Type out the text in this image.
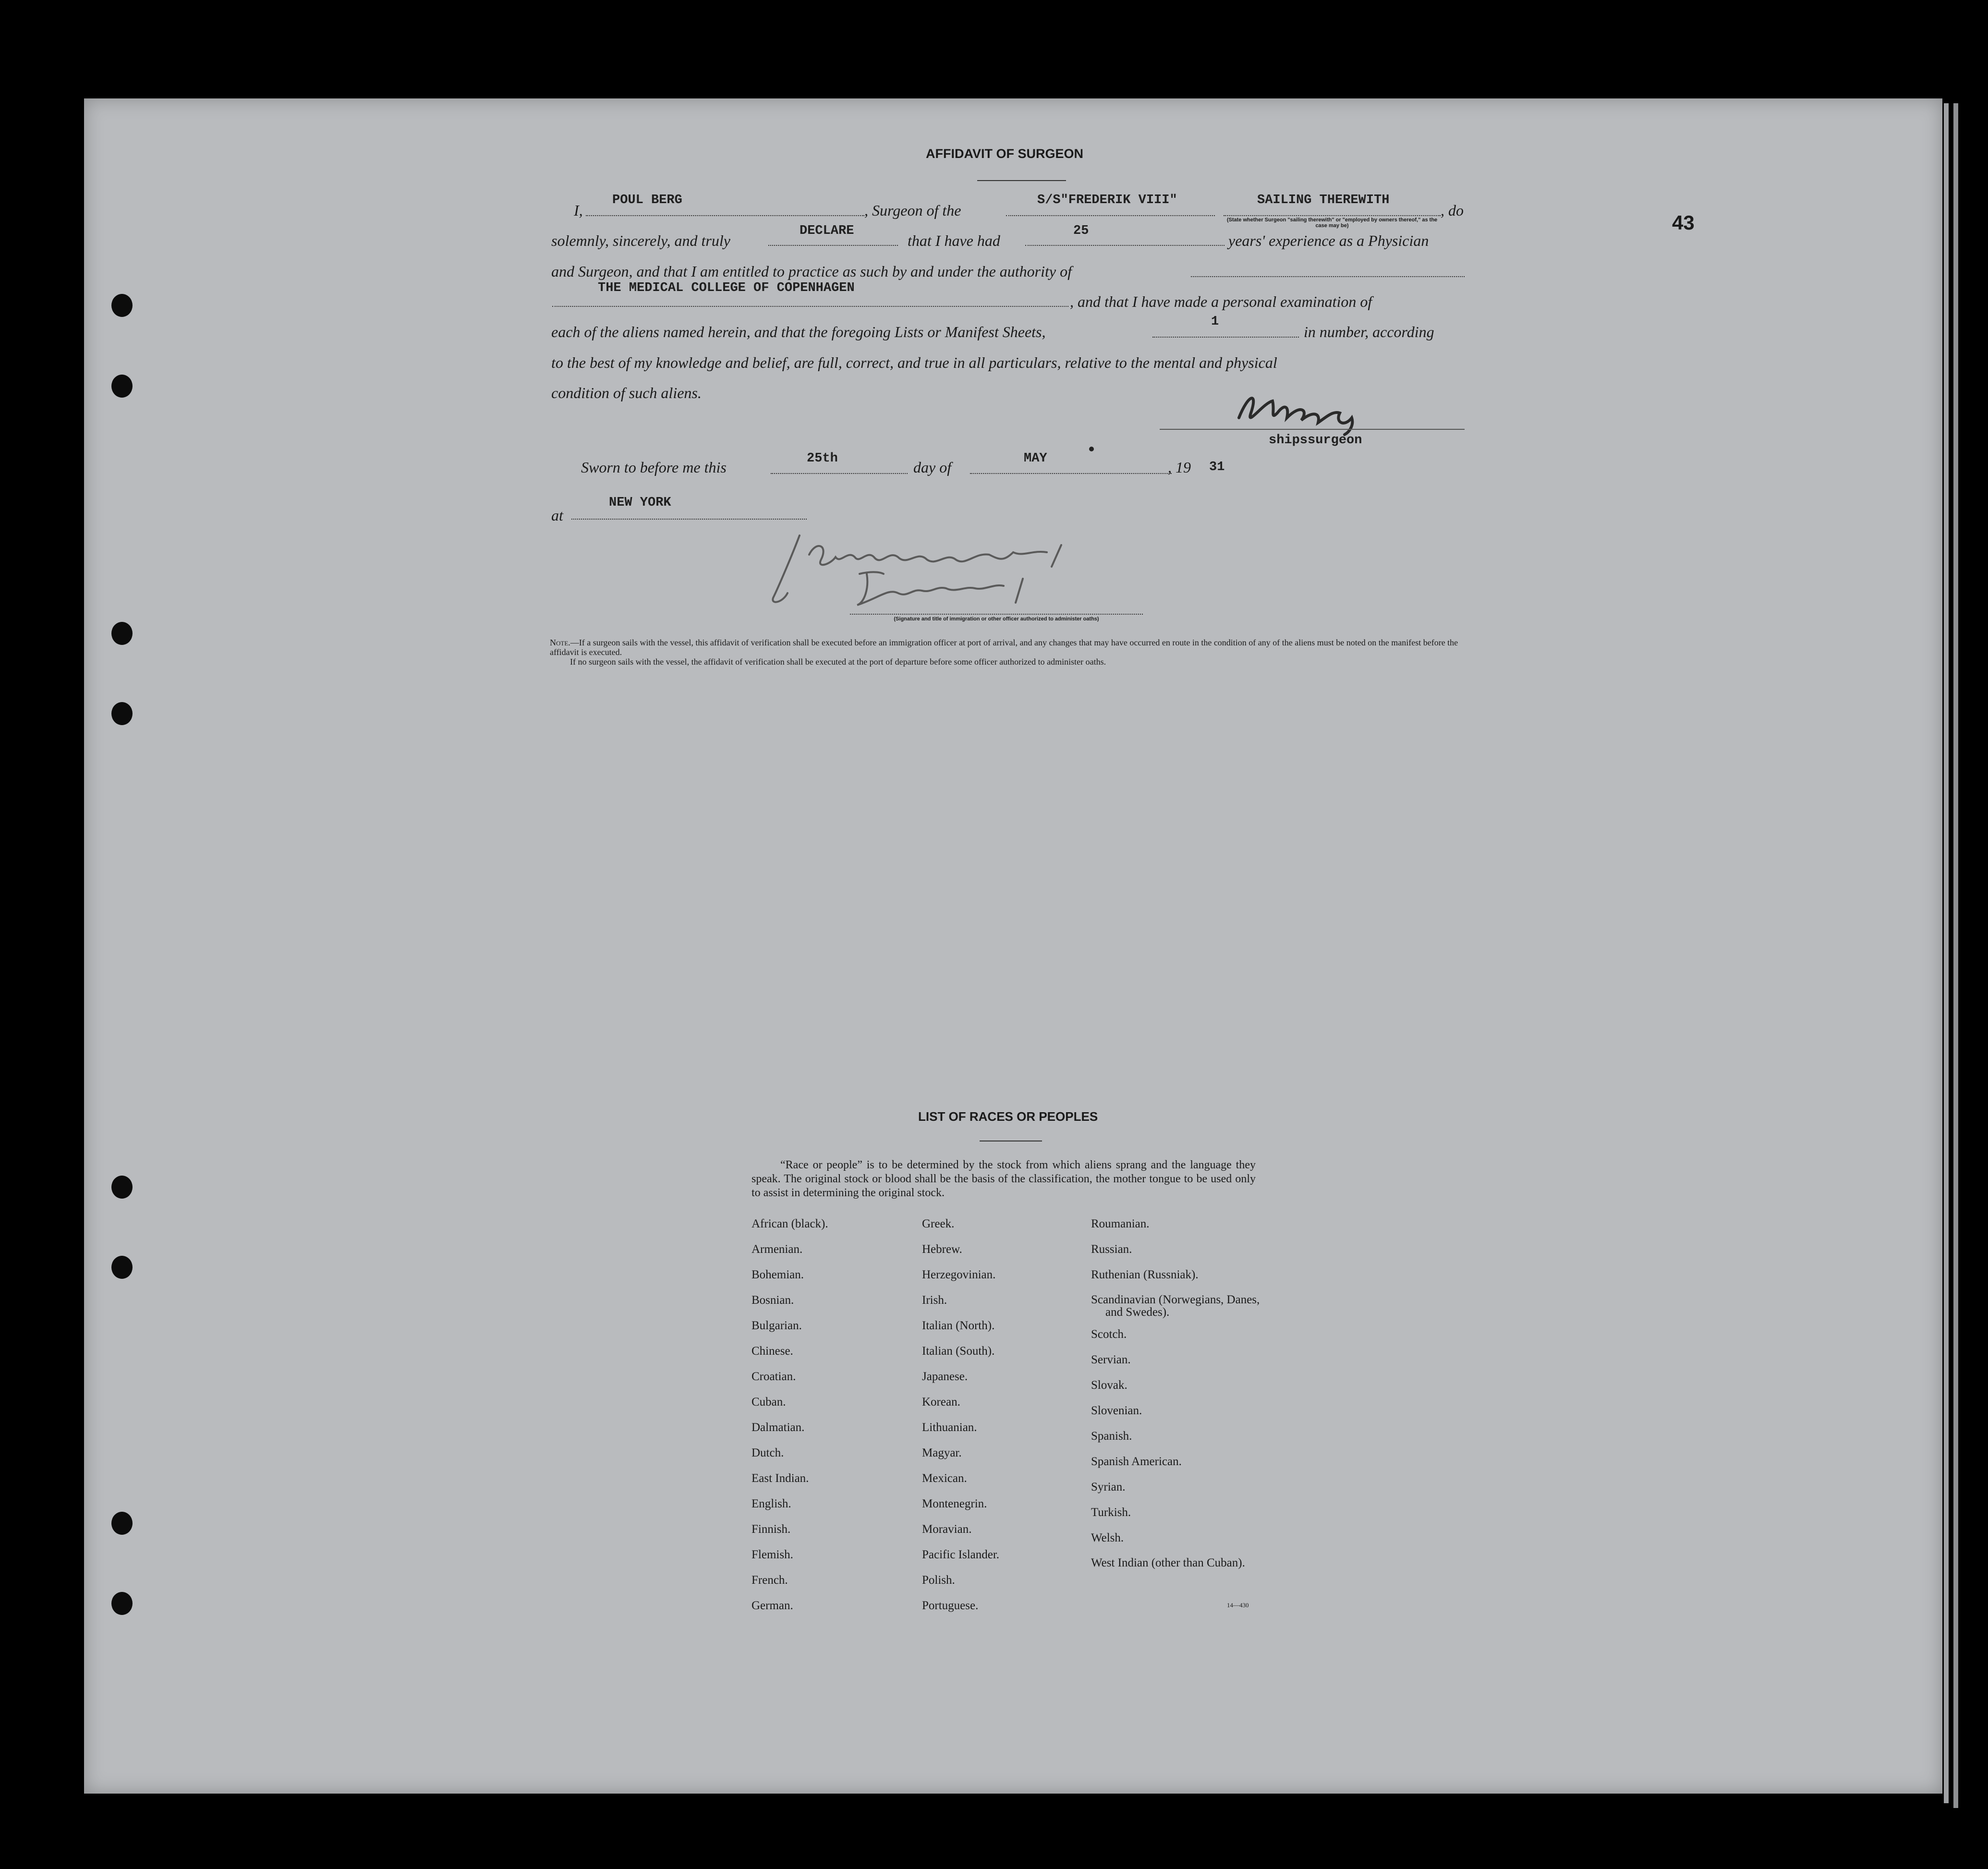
43
AFFIDAVIT OF SURGEON
I,
POUL BERG
, Surgeon of the
S/S"FREDERIK VIII"	SAILING THEREWITH
(State whether Surgeon "sailing therewith" or "employed by owners thereof," as the case may be)
, do
solemnly, sincerely, and truly
DECLARE
that I have had
25
years' experience as a Physician
and Surgeon, and that I am entitled to practice as such by and under the authority of
THE MEDICAL COLLEGE OF COPENHAGEN
, and that I have made a personal examination of
each of the aliens named herein, and that the foregoing Lists or Manifest Sheets,
1
in number, according
to the best of my knowledge and belief, are full, correct, and true in all particulars, relative to the mental and physical
condition of such aliens.
shipssurgeon
Sworn to before me this	25th	day of	MAY	, 19 31
at
NEW YORK
(Signature and title of immigration or other officer authorized to administer oaths)
Note.—If a surgeon sails with the vessel, this affidavit of verification shall be executed before an immigration officer at port of arrival, and any changes that may have occurred en route in the condition of any of the aliens must be noted on the manifest before the affidavit is executed.
If no surgeon sails with the vessel, the affidavit of verification shall be executed at the port of departure before some officer authorized to administer oaths.
LIST OF RACES OR PEOPLES
“Race or people” is to be determined by the stock from which aliens sprang and the language they speak. The original stock or blood shall be the basis of the classification, the mother tongue to be used only to assist in determining the original stock.
African (black).
Armenian.
Bohemian.
Bosnian.
Bulgarian.
Chinese.
Croatian.
Cuban.
Dalmatian.
Dutch.
East Indian.
English.
Finnish.
Flemish.
French.
German.
Greek.
Hebrew.
Herzegovinian.
Irish.
Italian (North).
Italian (South).
Japanese.
Korean.
Lithuanian.
Magyar.
Mexican.
Montenegrin.
Moravian.
Pacific Islander.
Polish.
Portuguese.
Roumanian.
Russian.
Ruthenian (Russniak).
Scandinavian (Norwegians, Danes, and Swedes).
Scotch.
Servian.
Slovak.
Slovenian.
Spanish.
Spanish American.
Syrian.
Turkish.
Welsh.
West Indian (other than Cuban).
14—430
